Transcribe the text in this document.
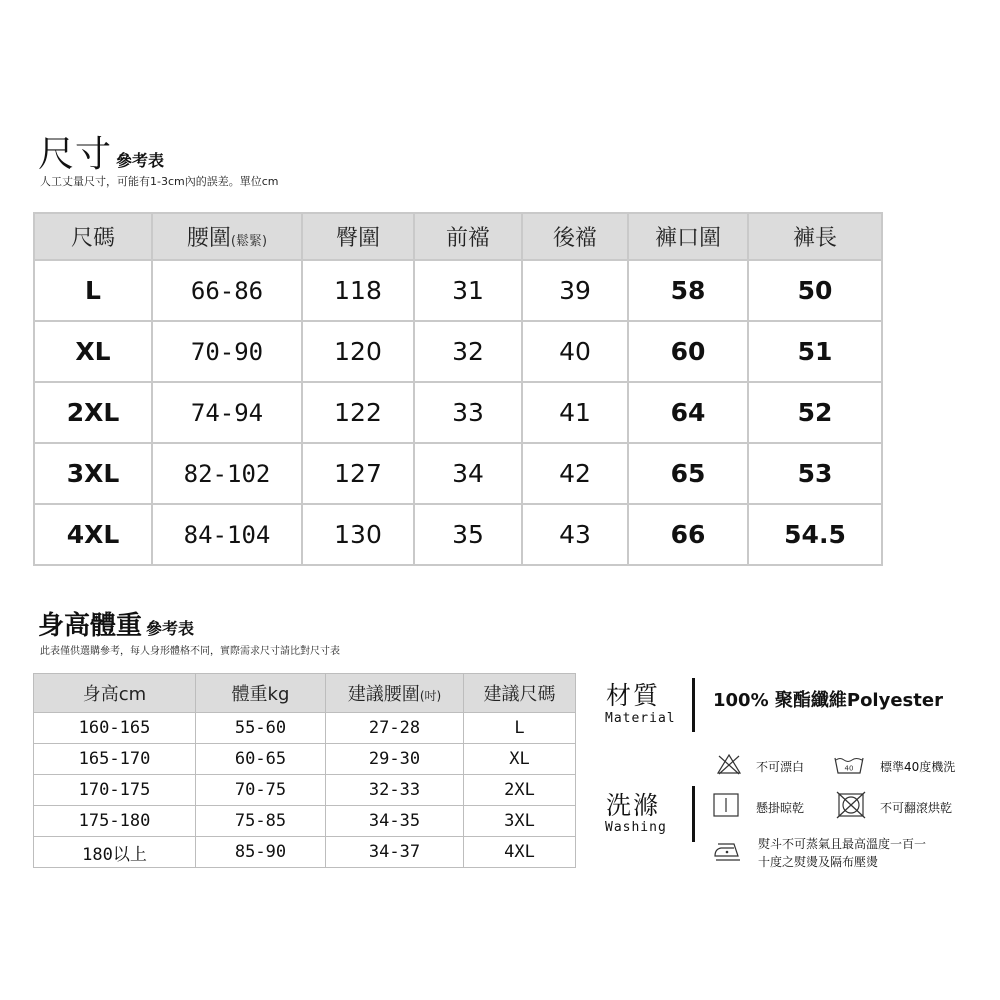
尺寸 參考表
人工丈量尺寸，可能有1-3cm內的誤差。單位cm
尺碼	腰圍(鬆緊)	臀圍	前襠	後襠	褲口圍	褲長
L	66-86	118	31	39	58	50
XL	70-90	120	32	40	60	51
2XL	74-94	122	33	41	64	52
3XL	82-102	127	34	42	65	53
4XL	84-104	130	35	43	66	54.5
身高體重 參考表
此表僅供選購參考，每人身形體格不同，實際需求尺寸請比對尺寸表
身高cm	體重kg	建議腰圍(吋)	建議尺碼
160-165	55-60	27-28	L
165-170	60-65	29-30	XL
170-175	70-75	32-33	2XL
175-180	75-85	34-35	3XL
180以上	85-90	34-37	4XL
材質
Material
100% 聚酯纖維Polyester
洗滌
Washing
不可漂白	40 標準40度機洗
懸掛晾乾	不可翻滾烘乾
熨斗不可蒸氣且最高溫度一百一
十度之熨燙及隔布壓燙
